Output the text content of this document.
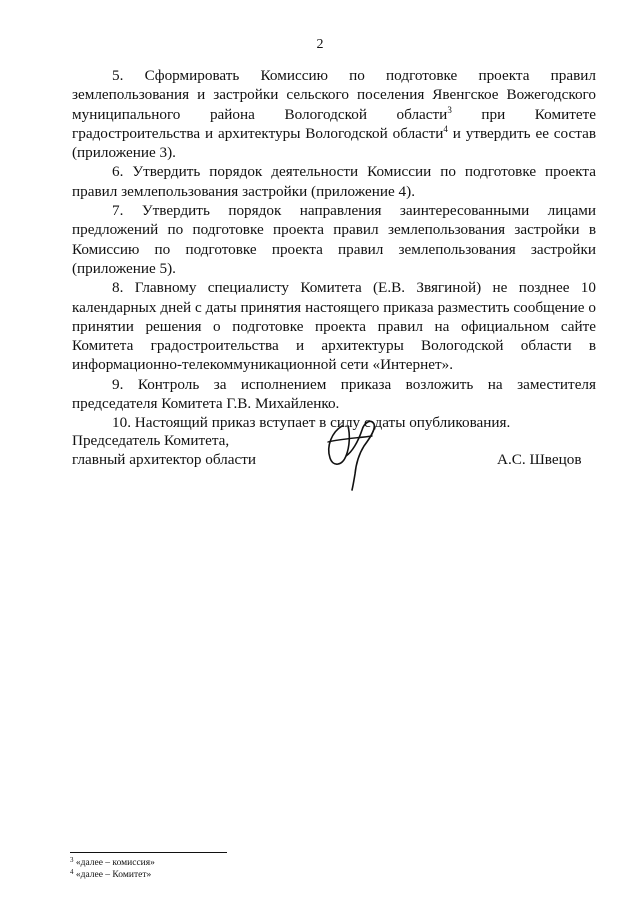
2

5. Сформировать Комиссию по подготовке проекта правил землепользования и застройки сельского поселения Явенгское Вожегодского муниципального района Вологодской области$^3$ при Комитете градостроительства и архитектуры Вологодской области$^4$ и утвердить ее состав (приложение 3).

6. Утвердить порядок деятельности Комиссии по подготовке проекта правил землепользования застройки (приложение 4).

7. Утвердить порядок направления заинтересованными лицами предложений по подготовке проекта правил землепользования застройки в Комиссию по подготовке проекта правил землепользования застройки (приложение 5).

8. Главному специалисту Комитета (Е.В. Звягиной) не позднее 10 календарных дней с даты принятия настоящего приказа разместить сообщение о принятии решения о подготовке проекта правил на официальном сайте Комитета градостроительства и архитектуры Вологодской области в информационно-телекоммуникационной сети «Интернет».

9. Контроль за исполнением приказа возложить на заместителя председателя Комитета Г.В. Михайленко.

10. Настоящий приказ вступает в силу с даты опубликования.

Председатель Комитета,
главный архитектор области	А.С. Швецов
$^3$ «далее – комиссия»
$^4$ «далее – Комитет»
